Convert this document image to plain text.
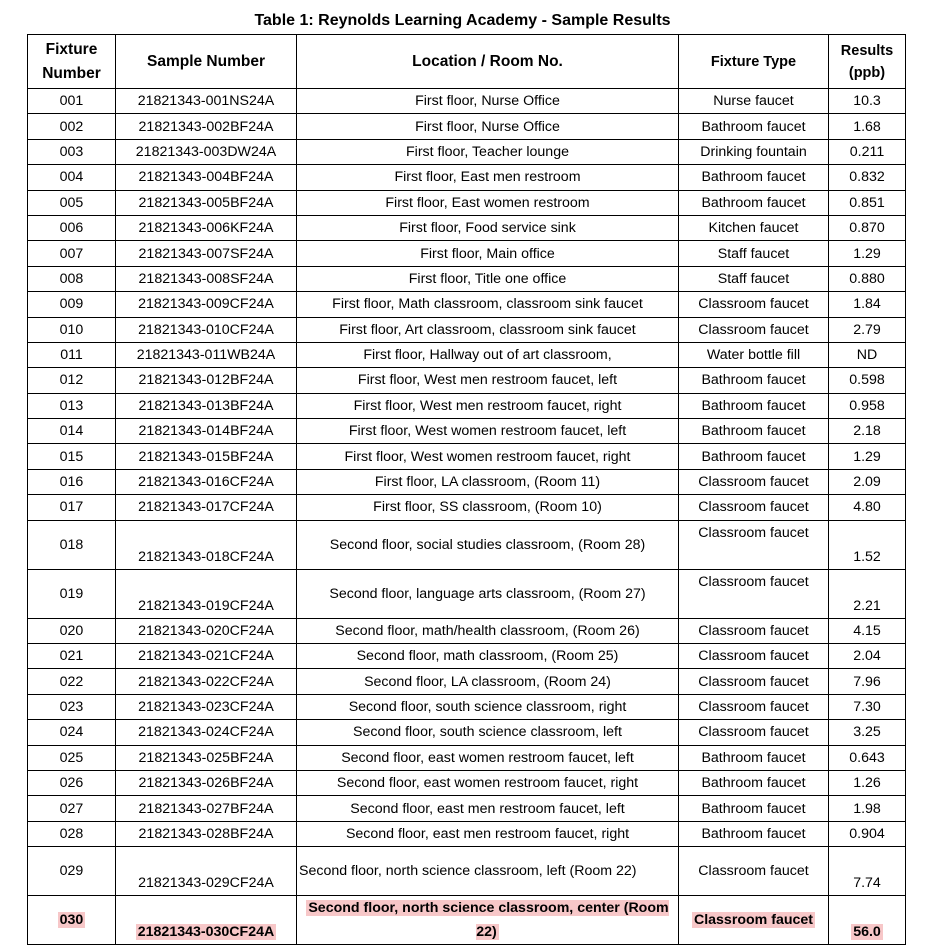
Table 1: Reynolds Learning Academy - Sample Results
Fixture
Number	Sample Number	Location / Room No.	Fixture Type	Results
(ppb)
001	21821343-001NS24A	First floor, Nurse Office	Nurse faucet	10.3
002	21821343-002BF24A	First floor, Nurse Office	Bathroom faucet	1.68
003	21821343-003DW24A	First floor, Teacher lounge	Drinking fountain	0.211
004	21821343-004BF24A	First floor, East men restroom	Bathroom faucet	0.832
005	21821343-005BF24A	First floor, East women restroom	Bathroom faucet	0.851
006	21821343-006KF24A	First floor, Food service sink	Kitchen faucet	0.870
007	21821343-007SF24A	First floor, Main office	Staff faucet	1.29
008	21821343-008SF24A	First floor, Title one office	Staff faucet	0.880
009	21821343-009CF24A	First floor, Math classroom, classroom sink faucet	Classroom faucet	1.84
010	21821343-010CF24A	First floor, Art classroom, classroom sink faucet	Classroom faucet	2.79
011	21821343-011WB24A	First floor, Hallway out of art classroom,	Water bottle fill	ND
012	21821343-012BF24A	First floor, West men restroom faucet, left	Bathroom faucet	0.598
013	21821343-013BF24A	First floor, West men restroom faucet, right	Bathroom faucet	0.958
014	21821343-014BF24A	First floor, West women restroom faucet, left	Bathroom faucet	2.18
015	21821343-015BF24A	First floor, West women restroom faucet, right	Bathroom faucet	1.29
016	21821343-016CF24A	First floor, LA classroom, (Room 11)	Classroom faucet	2.09
017	21821343-017CF24A	First floor, SS classroom, (Room 10)	Classroom faucet	4.80
018	21821343-018CF24A	Second floor, social studies classroom, (Room 28)	Classroom faucet	1.52
019	21821343-019CF24A	Second floor, language arts classroom, (Room 27)	Classroom faucet	2.21
020	21821343-020CF24A	Second floor, math/health classroom, (Room 26)	Classroom faucet	4.15
021	21821343-021CF24A	Second floor, math classroom, (Room 25)	Classroom faucet	2.04
022	21821343-022CF24A	Second floor, LA classroom, (Room 24)	Classroom faucet	7.96
023	21821343-023CF24A	Second floor, south science classroom, right	Classroom faucet	7.30
024	21821343-024CF24A	Second floor, south science classroom, left	Classroom faucet	3.25
025	21821343-025BF24A	Second floor, east women restroom faucet, left	Bathroom faucet	0.643
026	21821343-026BF24A	Second floor, east women restroom faucet, right	Bathroom faucet	1.26
027	21821343-027BF24A	Second floor, east men restroom faucet, left	Bathroom faucet	1.98
028	21821343-028BF24A	Second floor, east men restroom faucet, right	Bathroom faucet	0.904
029	21821343-029CF24A	Second floor, north science classroom, left (Room 22)	Classroom faucet	7.74
030	21821343-030CF24A	Second floor, north science classroom, center (Room 22)	Classroom faucet	56.0
